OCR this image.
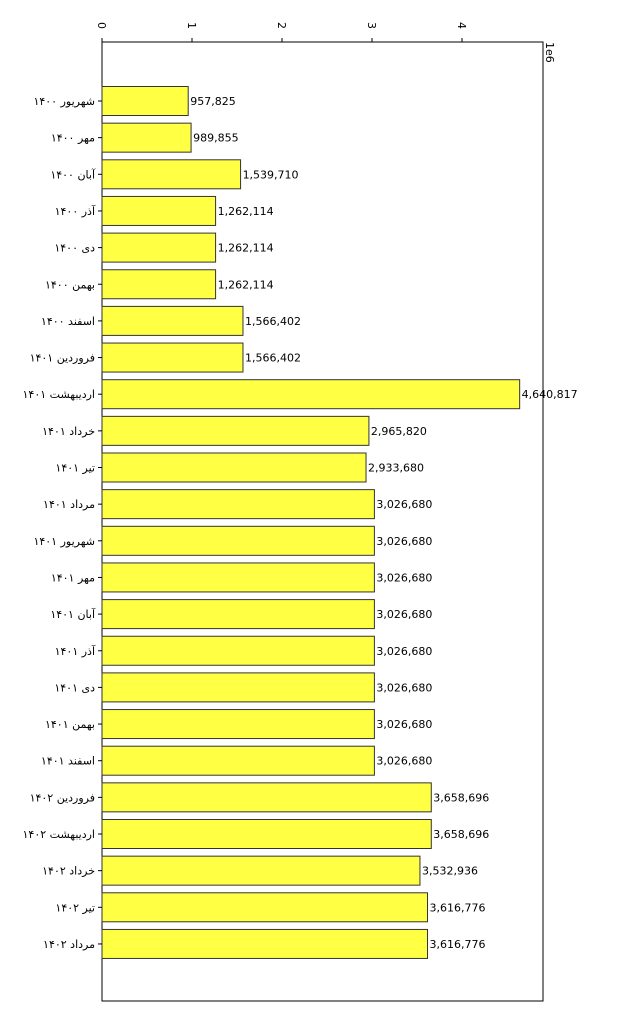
0	1	2	3	4
1e6
شهریور ۱۴۰۰
مهر ۱۴۰۰
آبان ۱۴۰۰
آذر ۱۴۰۰
دی ۱۴۰۰
بهمن ۱۴۰۰
اسفند ۱۴۰۰
فروردین ۱۴۰۱
اردیبهشت ۱۴۰۱
خرداد ۱۴۰۱
تیر ۱۴۰۱
مرداد ۱۴۰۱
شهریور ۱۴۰۱
مهر ۱۴۰۱
آبان ۱۴۰۱
آذر ۱۴۰۱
دی ۱۴۰۱
بهمن ۱۴۰۱
اسفند ۱۴۰۱
فروردین ۱۴۰۲
اردیبهشت ۱۴۰۲
خرداد ۱۴۰۲
تیر ۱۴۰۲
مرداد ۱۴۰۲
957,825
989,855
1,539,710
1,262,114
1,262,114
1,262,114
1,566,402
1,566,402
4,640,817
2,965,820
2,933,680
3,026,680
3,026,680
3,026,680
3,026,680
3,026,680
3,026,680
3,026,680
3,026,680
3,658,696
3,658,696
3,532,936
3,616,776
3,616,776
